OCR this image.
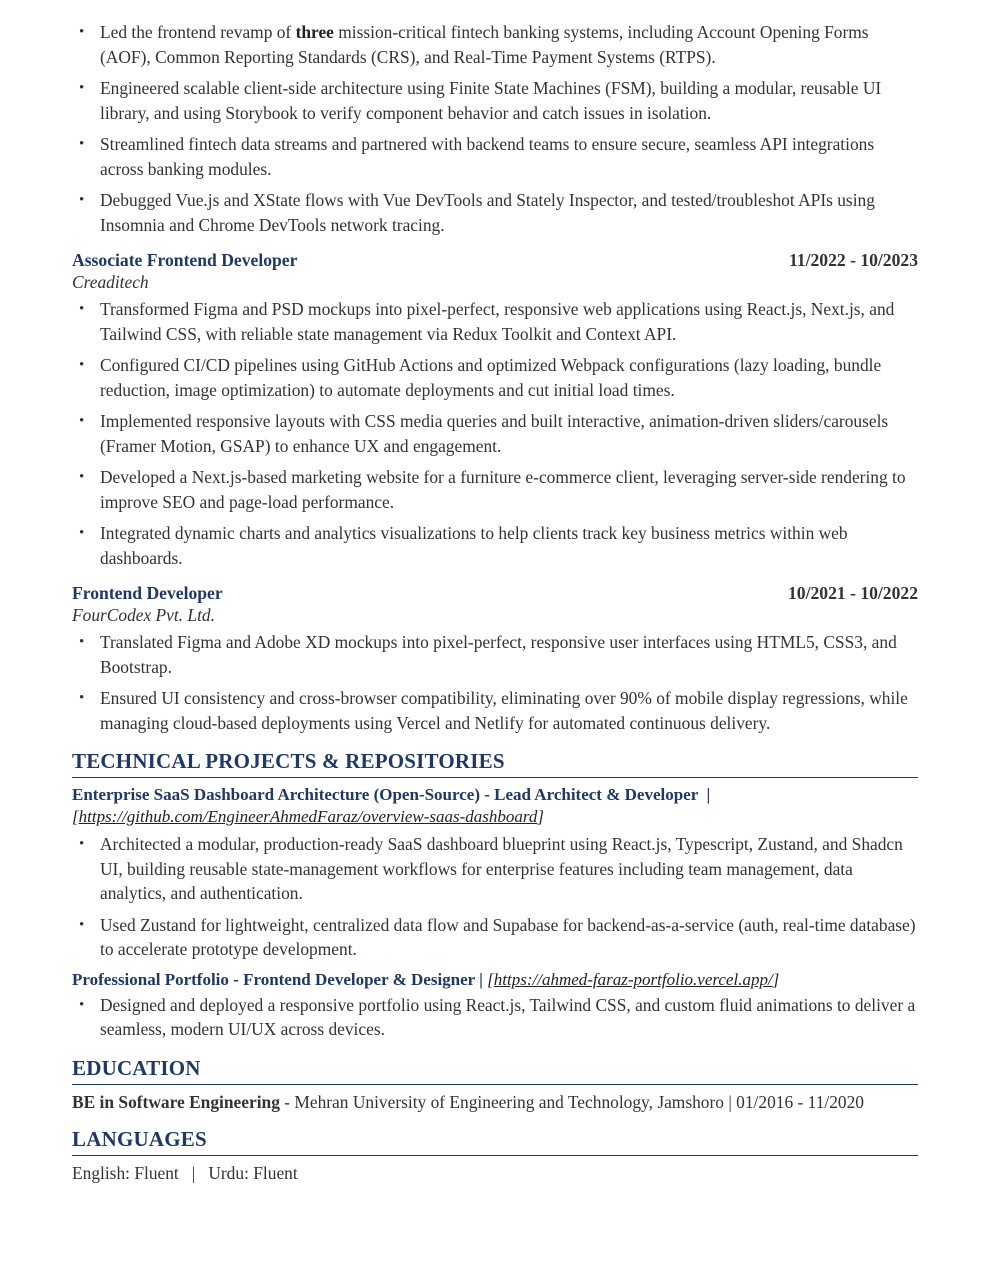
• Led the frontend revamp of three mission-critical fintech banking systems, including Account Opening Forms (AOF), Common Reporting Standards (CRS), and Real-Time Payment Systems (RTPS).
• Engineered scalable client-side architecture using Finite State Machines (FSM), building a modular, reusable UI library, and using Storybook to verify component behavior and catch issues in isolation.
• Streamlined fintech data streams and partnered with backend teams to ensure secure, seamless API integrations across banking modules.
• Debugged Vue.js and XState flows with Vue DevTools and Stately Inspector, and tested/troubleshot APIs using Insomnia and Chrome DevTools network tracing.
Associate Frontend Developer	11/2022 - 10/2023
Creaditech
• Transformed Figma and PSD mockups into pixel-perfect, responsive web applications using React.js, Next.js, and Tailwind CSS, with reliable state management via Redux Toolkit and Context API.
• Configured CI/CD pipelines using GitHub Actions and optimized Webpack configurations (lazy loading, bundle reduction, image optimization) to automate deployments and cut initial load times.
• Implemented responsive layouts with CSS media queries and built interactive, animation-driven sliders/carousels (Framer Motion, GSAP) to enhance UX and engagement.
• Developed a Next.js-based marketing website for a furniture e-commerce client, leveraging server-side rendering to improve SEO and page-load performance.
• Integrated dynamic charts and analytics visualizations to help clients track key business metrics within web dashboards.
Frontend Developer	10/2021 - 10/2022
FourCodex Pvt. Ltd.
• Translated Figma and Adobe XD mockups into pixel-perfect, responsive user interfaces using HTML5, CSS3, and Bootstrap.
• Ensured UI consistency and cross-browser compatibility, eliminating over 90% of mobile display regressions, while managing cloud-based deployments using Vercel and Netlify for automated continuous delivery.
TECHNICAL PROJECTS & REPOSITORIES
Enterprise SaaS Dashboard Architecture (Open-Source) - Lead Architect & Developer |
[https://github.com/EngineerAhmedFaraz/overview-saas-dashboard]
• Architected a modular, production-ready SaaS dashboard blueprint using React.js, Typescript, Zustand, and Shadcn UI, building reusable state-management workflows for enterprise features including team management, data analytics, and authentication.
• Used Zustand for lightweight, centralized data flow and Supabase for backend-as-a-service (auth, real-time database) to accelerate prototype development.
Professional Portfolio - Frontend Developer & Designer | [https://ahmed-faraz-portfolio.vercel.app/]
• Designed and deployed a responsive portfolio using React.js, Tailwind CSS, and custom fluid animations to deliver a seamless, modern UI/UX across devices.
EDUCATION
BE in Software Engineering - Mehran University of Engineering and Technology, Jamshoro | 01/2016 - 11/2020
LANGUAGES
English: Fluent   |   Urdu: Fluent
